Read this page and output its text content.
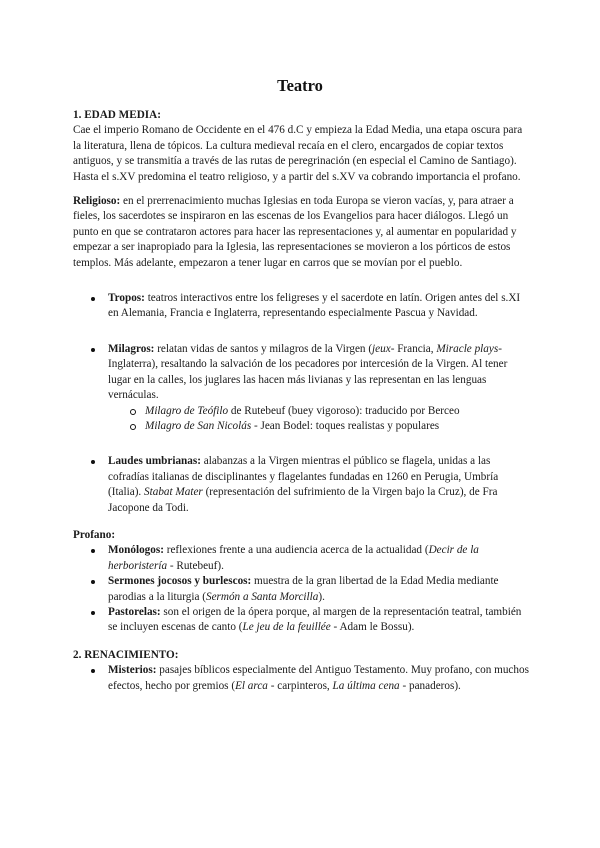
Teatro

1. EDAD MEDIA:

Cae el imperio Romano de Occidente en el 476 d.C y empieza la Edad Media, una etapa oscura para la literatura, llena de tópicos. La cultura medieval recaía en el clero, encargados de copiar textos antiguos, y se transmitía a través de las rutas de peregrinación (en especial el Camino de Santiago). Hasta el s.XV predomina el teatro religioso, y a partir del s.XV va cobrando importancia el profano.

Religioso: en el prerrenacimiento muchas Iglesias en toda Europa se vieron vacías, y, para atraer a fieles, los sacerdotes se inspiraron en las escenas de los Evangelios para hacer diálogos. Llegó un punto en que se contrataron actores para hacer las representaciones y, al aumentar en popularidad y empezar a ser inapropiado para la Iglesia, las representaciones se movieron a los pórticos de estos templos. Más adelante, empezaron a tener lugar en carros que se movían por el pueblo.

Tropos: teatros interactivos entre los feligreses y el sacerdote en latín. Origen antes del s.XI en Alemania, Francia e Inglaterra, representando especialmente Pascua y Navidad.
Milagros: relatan vidas de santos y milagros de la Virgen (jeux- Francia, Miracle plays- Inglaterra), resaltando la salvación de los pecadores por intercesión de la Virgen. Al tener lugar en la calles, los juglares las hacen más livianas y las representan en las lenguas vernáculas.
Milagro de Teófilo de Rutebeuf (buey vigoroso): traducido por Berceo
Milagro de San Nicolás - Jean Bodel: toques realistas y populares
Laudes umbrianas: alabanzas a la Virgen mientras el público se flagela, unidas a las cofradías italianas de disciplinantes y flagelantes fundadas en 1260 en Perugia, Umbría (Italia). Stabat Mater (representación del sufrimiento de la Virgen bajo la Cruz), de Fra Jacopone da Todi.

Profano:

Monólogos: reflexiones frente a una audiencia acerca de la actualidad (Decir de la herboristería - Rutebeuf).
Sermones jocosos y burlescos: muestra de la gran libertad de la Edad Media mediante parodias a la liturgia (Sermón a Santa Morcilla).
Pastorelas: son el origen de la ópera porque, al margen de la representación teatral, también se incluyen escenas de canto (Le jeu de la feuillée - Adam le Bossu).

2. RENACIMIENTO:

Misterios: pasajes bíblicos especialmente del Antiguo Testamento. Muy profano, con muchos efectos, hecho por gremios (El arca - carpinteros, La última cena - panaderos).
